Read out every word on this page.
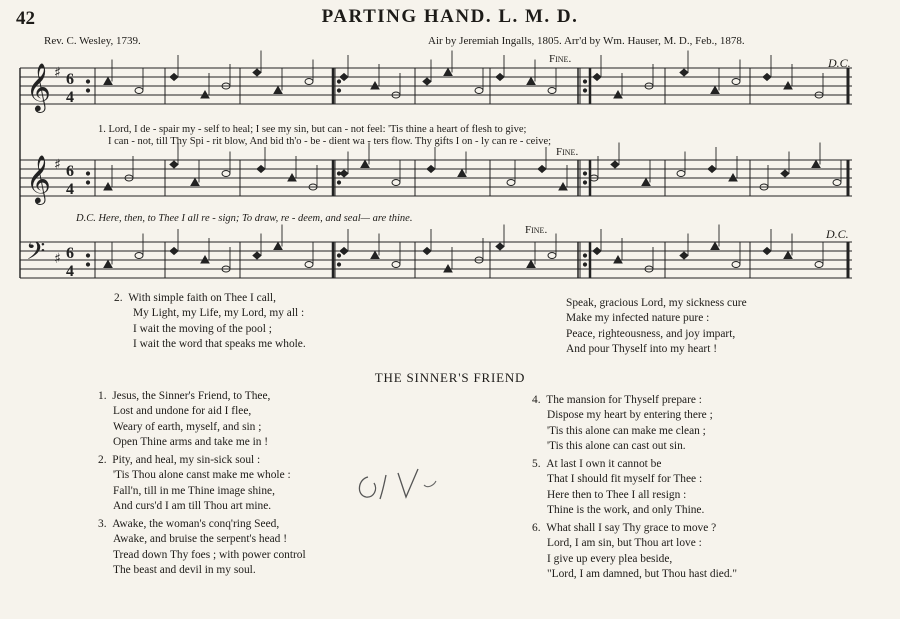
42	PARTING HAND. L. M. D.
Rev. C. Wesley, 1739.	Air by Jeremiah Ingalls, 1805. Arr'd by Wm. Hauser, M. D., Feb., 1878.
Fine.	D.C.
Fine.
Fine.	D.C.
𝄞 ♯ 6
4
𝄞 ♯ 6
4
𝄢 ♯ 6
4
1. Lord, I de - spair my - self to heal; I see my sin, but can - not feel: 'Tis thine a heart of flesh to give;
I can - not, till Thy Spi - rit blow, And bid th'o - be - dient wa - ters flow. Thy gifts I on - ly can re - ceive;
D.C. Here, then, to Thee I all re - sign; To draw, re - deem, and seal— are thine.
2. With simple faith on Thee I call,
My Light, my Life, my Lord, my all :
I wait the moving of the pool ;
I wait the word that speaks me whole.
Speak, gracious Lord, my sickness cure
Make my infected nature pure :
Peace, righteousness, and joy impart,
And pour Thyself into my heart !
THE SINNER'S FRIEND
1. Jesus, the Sinner's Friend, to Thee,
Lost and undone for aid I flee,
Weary of earth, myself, and sin ;
Open Thine arms and take me in !
2. Pity, and heal, my sin-sick soul :
'Tis Thou alone canst make me whole :
Fall'n, till in me Thine image shine,
And curs'd I am till Thou art mine.
3. Awake, the woman's conq'ring Seed,
Awake, and bruise the serpent's head !
Tread down Thy foes ; with power control
The beast and devil in my soul.
4. The mansion for Thyself prepare :
Dispose my heart by entering there ;
'Tis this alone can make me clean ;
'Tis this alone can cast out sin.
5. At last I own it cannot be
That I should fit myself for Thee :
Here then to Thee I all resign :
Thine is the work, and only Thine.
6. What shall I say Thy grace to move ?
Lord, I am sin, but Thou art love :
I give up every plea beside,
"Lord, I am damned, but Thou hast died."
